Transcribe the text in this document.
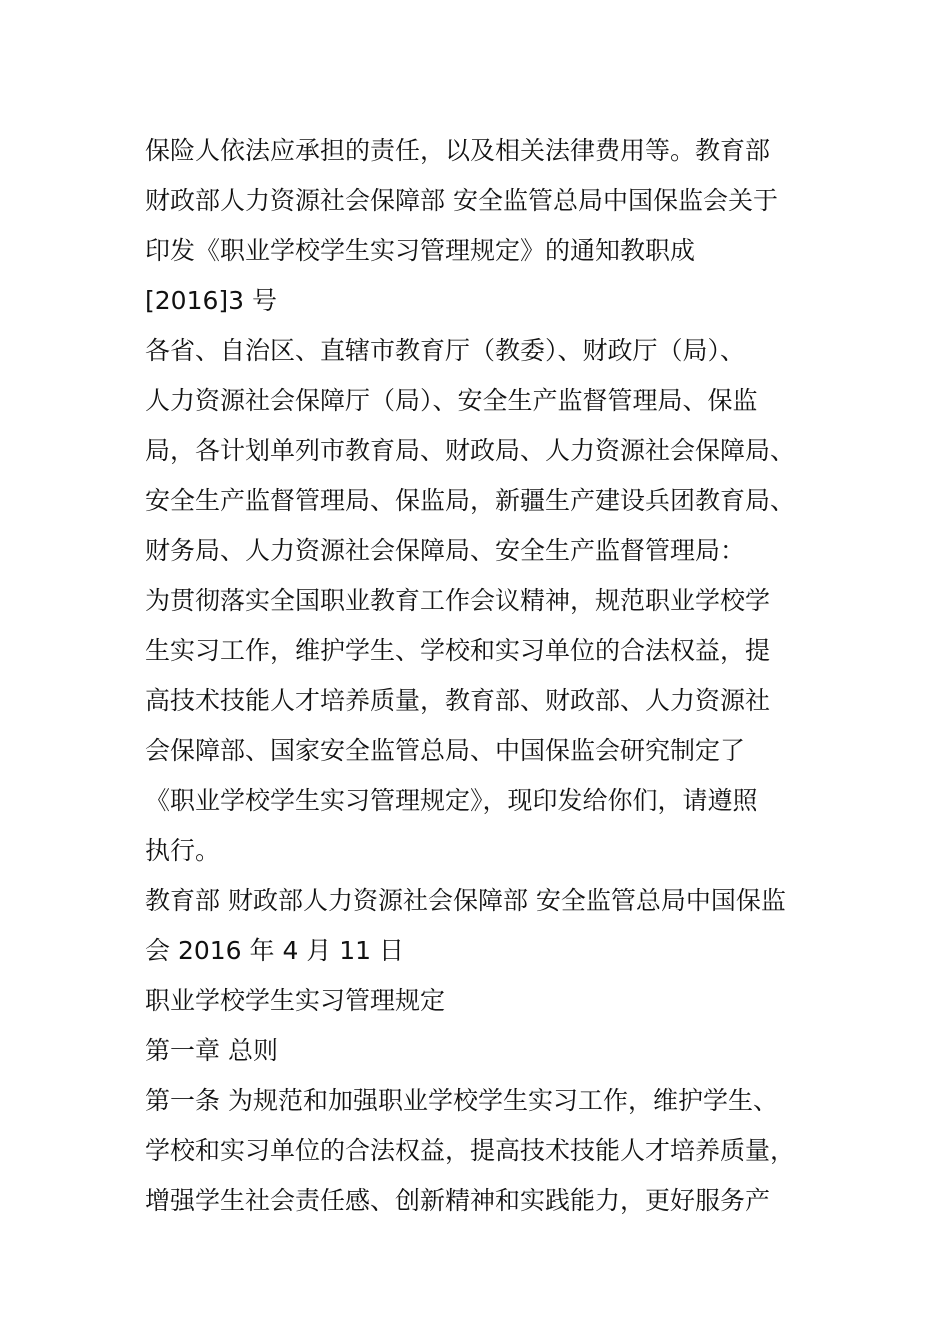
保险人依法应承担的责任，以及相关法律费用等。教育部
财政部人力资源社会保障部 安全监管总局中国保监会关于
印发《职业学校学生实习管理规定》的通知教职成
[2016]3 号
各省、自治区、直辖市教育厅（教委）、财政厅（局）、
人力资源社会保障厅（局）、安全生产监督管理局、保监
局，各计划单列市教育局、财政局、人力资源社会保障局、
安全生产监督管理局、保监局，新疆生产建设兵团教育局、
财务局、人力资源社会保障局、安全生产监督管理局：
为贯彻落实全国职业教育工作会议精神，规范职业学校学
生实习工作，维护学生、学校和实习单位的合法权益，提
高技术技能人才培养质量，教育部、财政部、人力资源社
会保障部、国家安全监管总局、中国保监会研究制定了
《职业学校学生实习管理规定》，现印发给你们，请遵照
执行。
教育部 财政部人力资源社会保障部 安全监管总局中国保监
会 2016 年 4 月 11 日
职业学校学生实习管理规定
第一章 总则
第一条 为规范和加强职业学校学生实习工作，维护学生、
学校和实习单位的合法权益，提高技术技能人才培养质量，
增强学生社会责任感、创新精神和实践能力，更好服务产
